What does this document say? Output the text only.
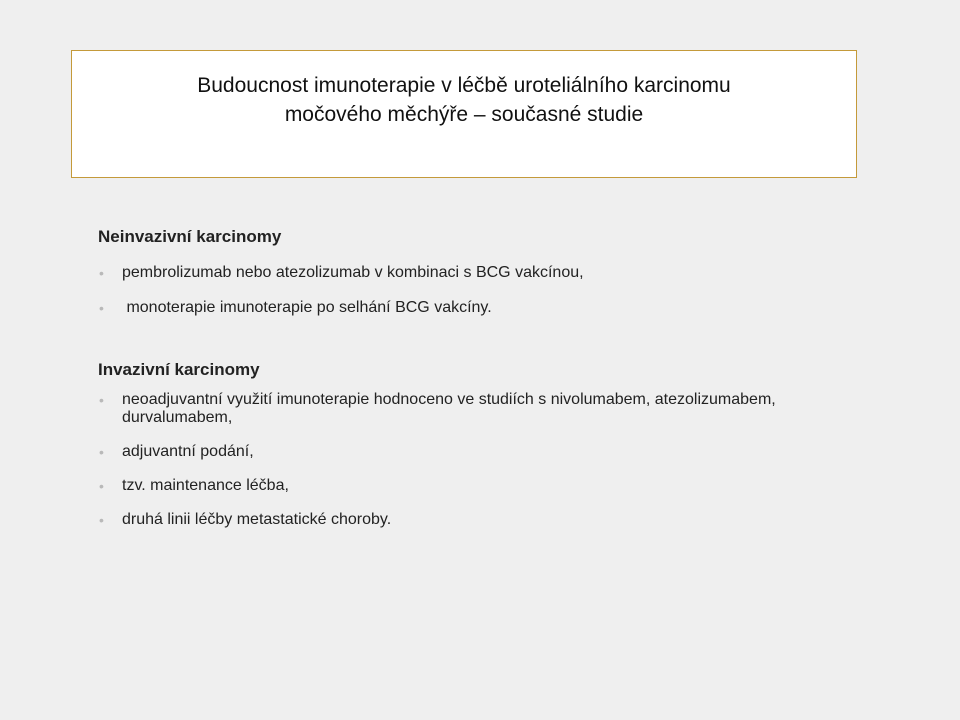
Budoucnost imunoterapie v léčbě uroteliálního karcinomu
močového měchýře – současné studie
Neinvazivní karcinomy
• pembrolizumab nebo atezolizumab v kombinaci s BCG vakcínou,
• monoterapie imunoterapie po selhání BCG vakcíny.
Invazivní karcinomy
• neoadjuvantní využití imunoterapie hodnoceno ve studiích s nivolumabem, atezolizumabem, durvalumabem,
• adjuvantní podání,
• tzv. maintenance léčba,
• druhá linii léčby metastatické choroby.
